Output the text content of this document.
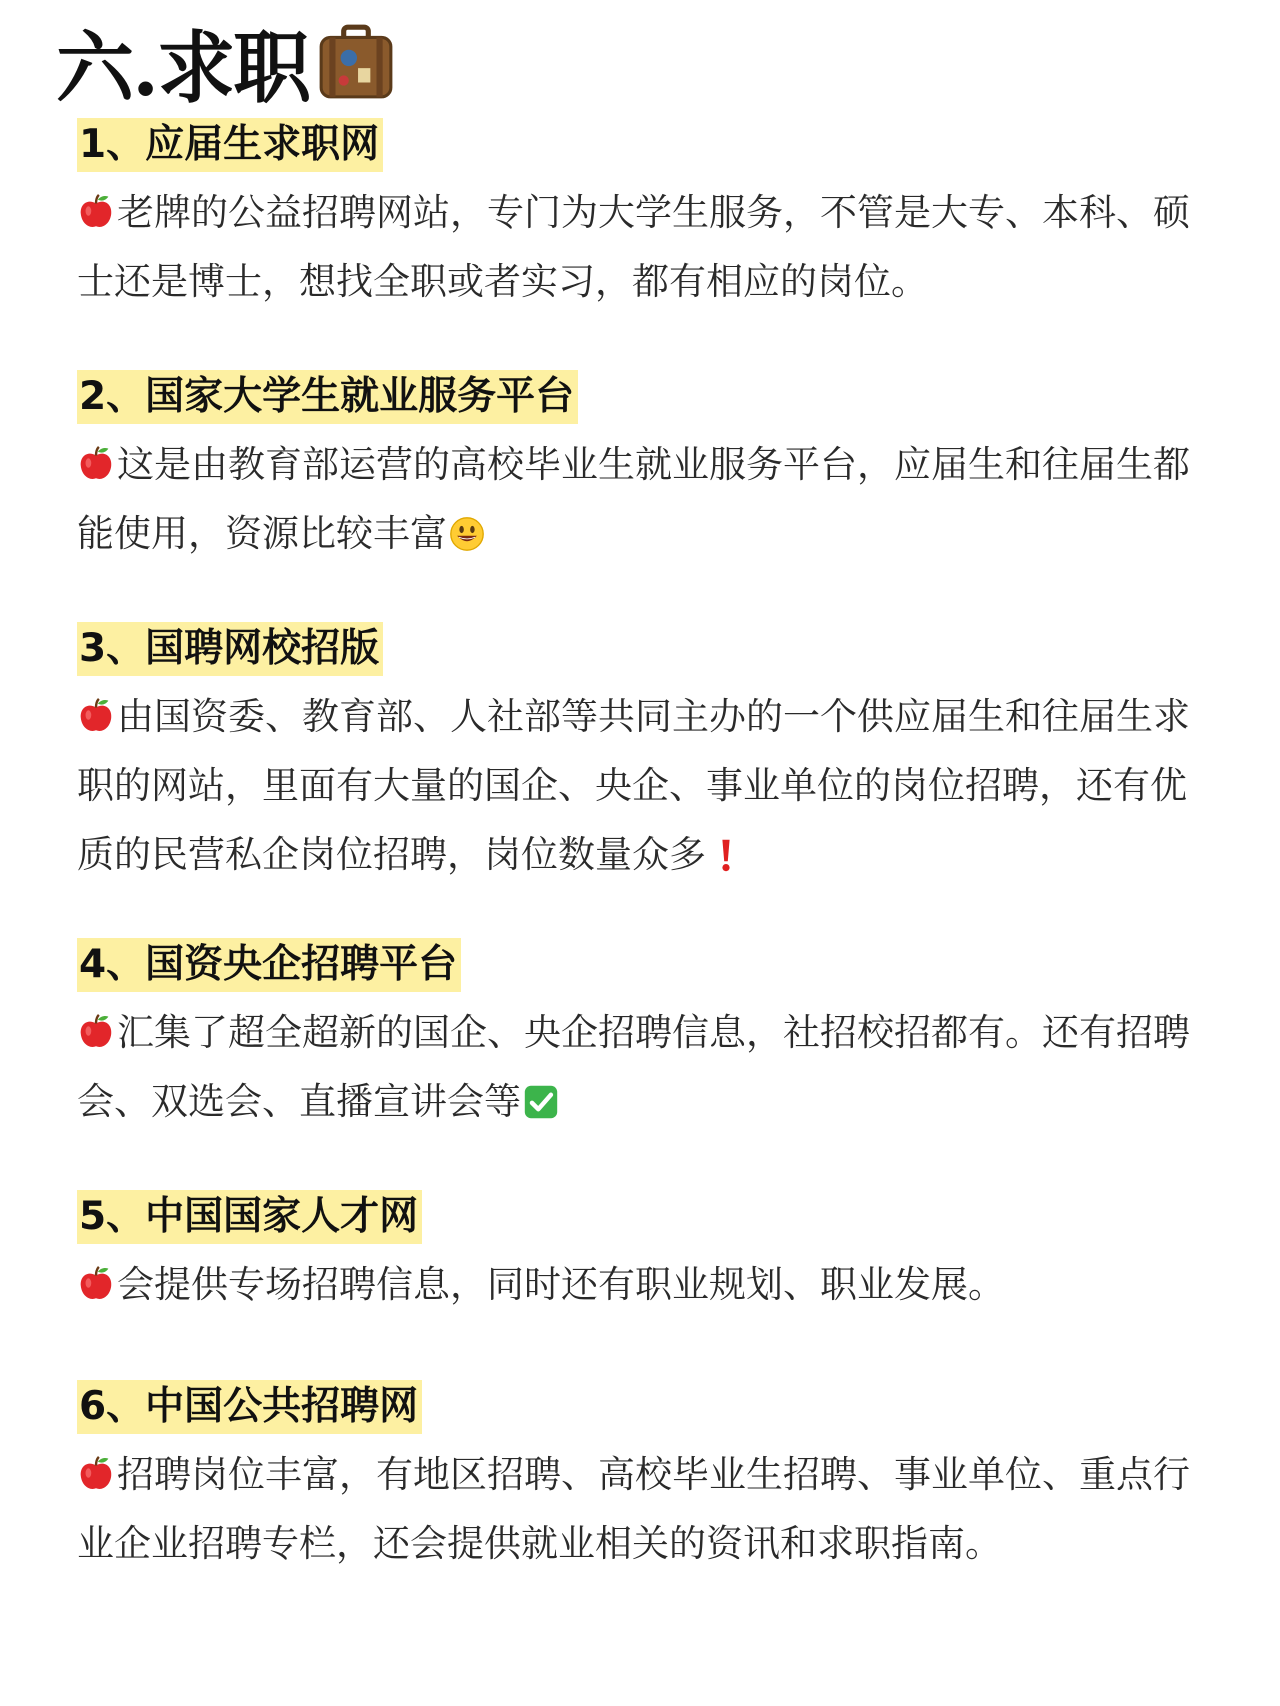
六.求职
1、应届生求职网
老牌的公益招聘网站，专门为大学生服务，不管是大专、本科、硕士还是博士，想找全职或者实习，都有相应的岗位。
2、国家大学生就业服务平台
这是由教育部运营的高校毕业生就业服务平台，应届生和往届生都能使用，资源比较丰富
3、国聘网校招版
由国资委、教育部、人社部等共同主办的一个供应届生和往届生求职的网站，里面有大量的国企、央企、事业单位的岗位招聘，还有优质的民营私企岗位招聘，岗位数量众多
4、国资央企招聘平台
汇集了超全超新的国企、央企招聘信息，社招校招都有。还有招聘会、双选会、直播宣讲会等
5、中国国家人才网
会提供专场招聘信息，同时还有职业规划、职业发展。
6、中国公共招聘网
招聘岗位丰富，有地区招聘、高校毕业生招聘、事业单位、重点行业企业招聘专栏，还会提供就业相关的资讯和求职指南。
